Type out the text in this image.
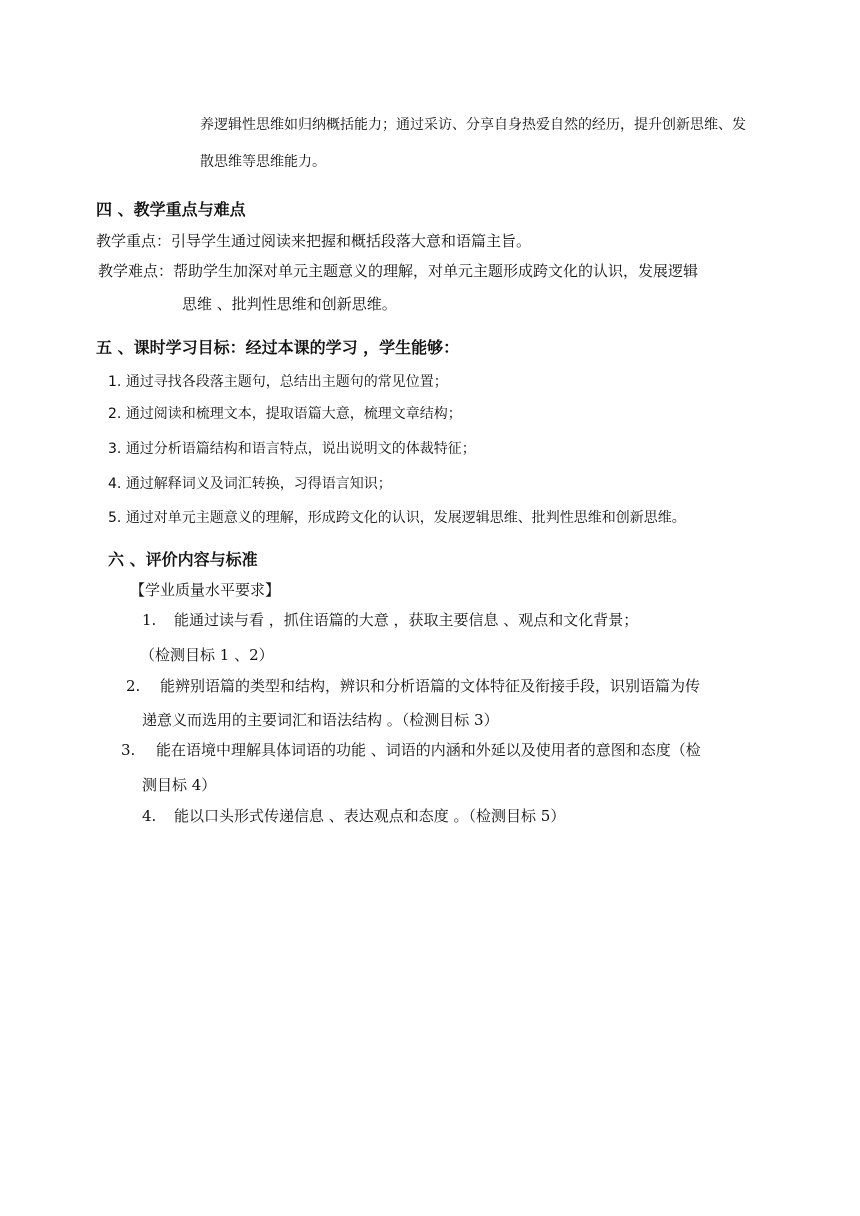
养逻辑性思维如归纳概括能力；通过采访、分享自身热爱自然的经历，提升创新思维、发
散思维等思维能力。
四 、教学重点与难点
教学重点：引导学生通过阅读来把握和概括段落大意和语篇主旨。
教学难点：帮助学生加深对单元主题意义的理解，对单元主题形成跨文化的认识，发展逻辑
思维 、批判性思维和创新思维。
五 、课时学习目标：经过本课的学习 ，学生能够：
1. 通过寻找各段落主题句，总结出主题句的常见位置；
2. 通过阅读和梳理文本，提取语篇大意，梳理文章结构；
3. 通过分析语篇结构和语言特点，说出说明文的体裁特征；
4. 通过解释词义及词汇转换，习得语言知识；
5. 通过对单元主题意义的理解，形成跨文化的认识，发展逻辑思维、批判性思维和创新思维。
六 、评价内容与标准
【学业质量水平要求】
1. 能通过读与看 ，抓住语篇的大意 ，获取主要信息 、观点和文化背景；
（检测目标 1 、2）
2. 能辨别语篇的类型和结构，辨识和分析语篇的文体特征及衔接手段，识别语篇为传
递意义而选用的主要词汇和语法结构 。（检测目标 3）
3. 能在语境中理解具体词语的功能 、词语的内涵和外延以及使用者的意图和态度（检
测目标 4）
4. 能以口头形式传递信息 、表达观点和态度 。（检测目标 5）
